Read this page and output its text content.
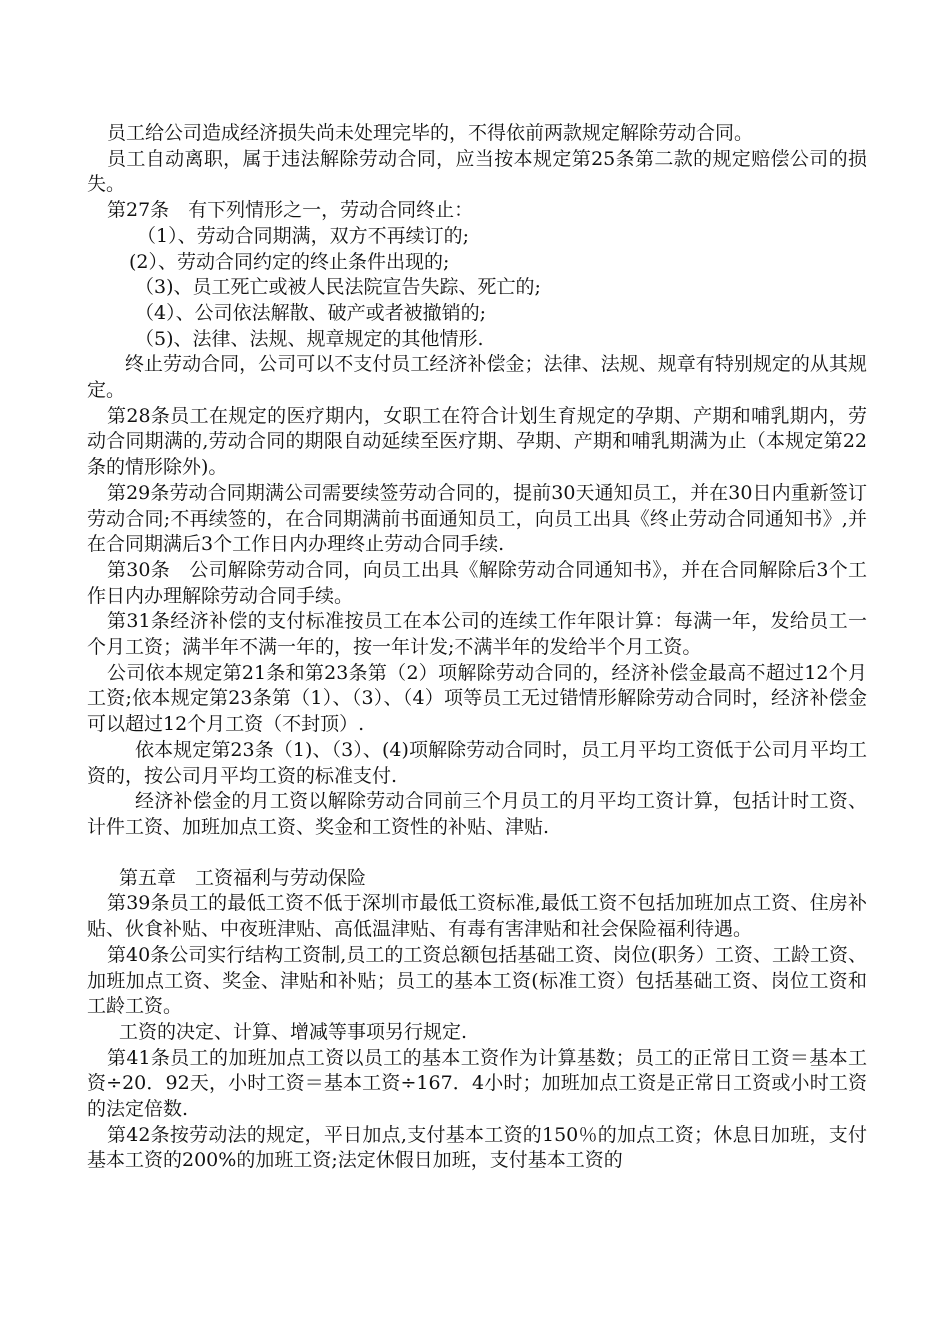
员工给公司造成经济损失尚未处理完毕的，不得依前两款规定解除劳动合同。

员工自动离职，属于违法解除劳动合同，应当按本规定第25条第二款的规定赔偿公司的损失。

第27条　有下列情形之一，劳动合同终止：

（1）、劳动合同期满，双方不再续订的;

(2）、劳动合同约定的终止条件出现的;

（3)、员工死亡或被人民法院宣告失踪、死亡的;

（4）、公司依法解散、破产或者被撤销的;

（5)、法律、法规、规章规定的其他情形.

终止劳动合同，公司可以不支付员工经济补偿金；法律、法规、规章有特别规定的从其规定。

第28条员工在规定的医疗期内，女职工在符合计划生育规定的孕期、产期和哺乳期内，劳动合同期满的,劳动合同的期限自动延续至医疗期、孕期、产期和哺乳期满为止（本规定第22条的情形除外)。

第29条劳动合同期满公司需要续签劳动合同的，提前30天通知员工，并在30日内重新签订劳动合同;不再续签的，在合同期满前书面通知员工，向员工出具《终止劳动合同通知书》,并在合同期满后3个工作日内办理终止劳动合同手续.

第30条　公司解除劳动合同，向员工出具《解除劳动合同通知书》，并在合同解除后3个工作日内办理解除劳动合同手续。

第31条经济补偿的支付标准按员工在本公司的连续工作年限计算：每满一年，发给员工一个月工资；满半年不满一年的，按一年计发;不满半年的发给半个月工资。

公司依本规定第21条和第23条第（2）项解除劳动合同的，经济补偿金最高不超过12个月工资;依本规定第23条第（1）、（3）、（4）项等员工无过错情形解除劳动合同时，经济补偿金可以超过12个月工资（不封顶）.

依本规定第23条（1)、（3）、(4)项解除劳动合同时，员工月平均工资低于公司月平均工资的，按公司月平均工资的标准支付.

经济补偿金的月工资以解除劳动合同前三个月员工的月平均工资计算，包括计时工资、计件工资、加班加点工资、奖金和工资性的补贴、津贴.

第五章　工资福利与劳动保险

第39条员工的最低工资不低于深圳市最低工资标准,最低工资不包括加班加点工资、住房补贴、伙食补贴、中夜班津贴、高低温津贴、有毒有害津贴和社会保险福利待遇。

第40条公司实行结构工资制,员工的工资总额包括基础工资、岗位(职务）工资、工龄工资、加班加点工资、奖金、津贴和补贴；员工的基本工资(标准工资）包括基础工资、岗位工资和工龄工资。

工资的决定、计算、增减等事项另行规定.

第41条员工的加班加点工资以员工的基本工资作为计算基数；员工的正常日工资＝基本工资÷20．92天，小时工资＝基本工资÷167．4小时；加班加点工资是正常日工资或小时工资的法定倍数.

第42条按劳动法的规定，平日加点,支付基本工资的150％的加点工资；休息日加班，支付基本工资的200%的加班工资;法定休假日加班，支付基本工资的
